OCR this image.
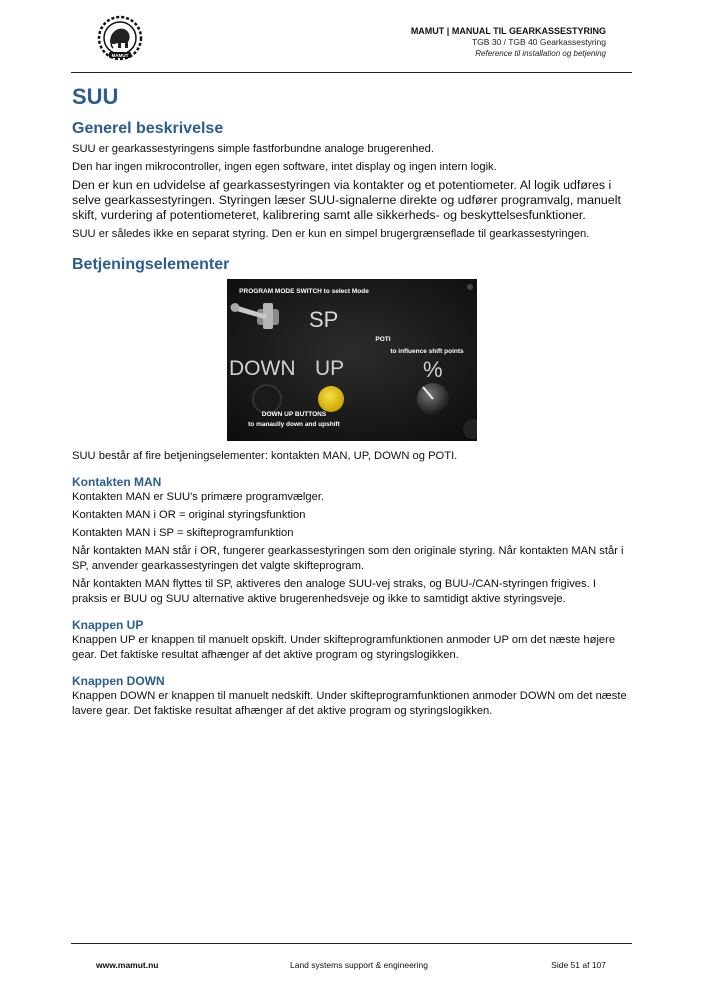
MAMUT
MAMUT | MANUAL TIL GEARKASSESTYRING
TGB 30 / TGB 40 Gearkassestyring
Reference til installation og betjening
SUU
Generel beskrivelse

SUU er gearkassestyringens simple fastforbundne analoge brugerenhed.

Den har ingen mikrocontroller, ingen egen software, intet display og ingen intern logik.

Den er kun en udvidelse af gearkassestyringen via kontakter og et potentiometer. Al logik udføres i selve gearkassestyringen. Styringen læser SUU-signalerne direkte og udfører programvalg, manuelt skift, vurdering af potentiometeret, kalibrering samt alle sikkerheds- og beskyttelsesfunktioner.

SUU er således ikke en separat styring. Den er kun en simpel brugergrænseflade til gearkassestyringen.

Betjeningselementer
PROGRAM MODE SWITCH to select Mode
SP
POTI
to influence shift points
DOWN UP	%
DOWN UP BUTTONS
to manaully down and upshift

SUU består af fire betjeningselementer: kontakten MAN, UP, DOWN og POTI.

Kontakten MAN

Kontakten MAN er SUU's primære programvælger.

Kontakten MAN i OR = original styringsfunktion

Kontakten MAN i SP = skifteprogramfunktion

Når kontakten MAN står i OR, fungerer gearkassestyringen som den originale styring. Når kontakten MAN står i SP, anvender gearkassestyringen det valgte skifteprogram.

Når kontakten MAN flyttes til SP, aktiveres den analoge SUU-vej straks, og BUU-/CAN-styringen frigives. I praksis er BUU og SUU alternative aktive brugerenhedsveje og ikke to samtidigt aktive styringsveje.

Knappen UP

Knappen UP er knappen til manuelt opskift. Under skifteprogramfunktionen anmoder UP om det næste højere gear. Det faktiske resultat afhænger af det aktive program og styringslogikken.

Knappen DOWN

Knappen DOWN er knappen til manuelt nedskift. Under skifteprogramfunktionen anmoder DOWN om det næste lavere gear. Det faktiske resultat afhænger af det aktive program og styringslogikken.

www.mamut.nu	Land systems support & engineering	Side 51 af 107
